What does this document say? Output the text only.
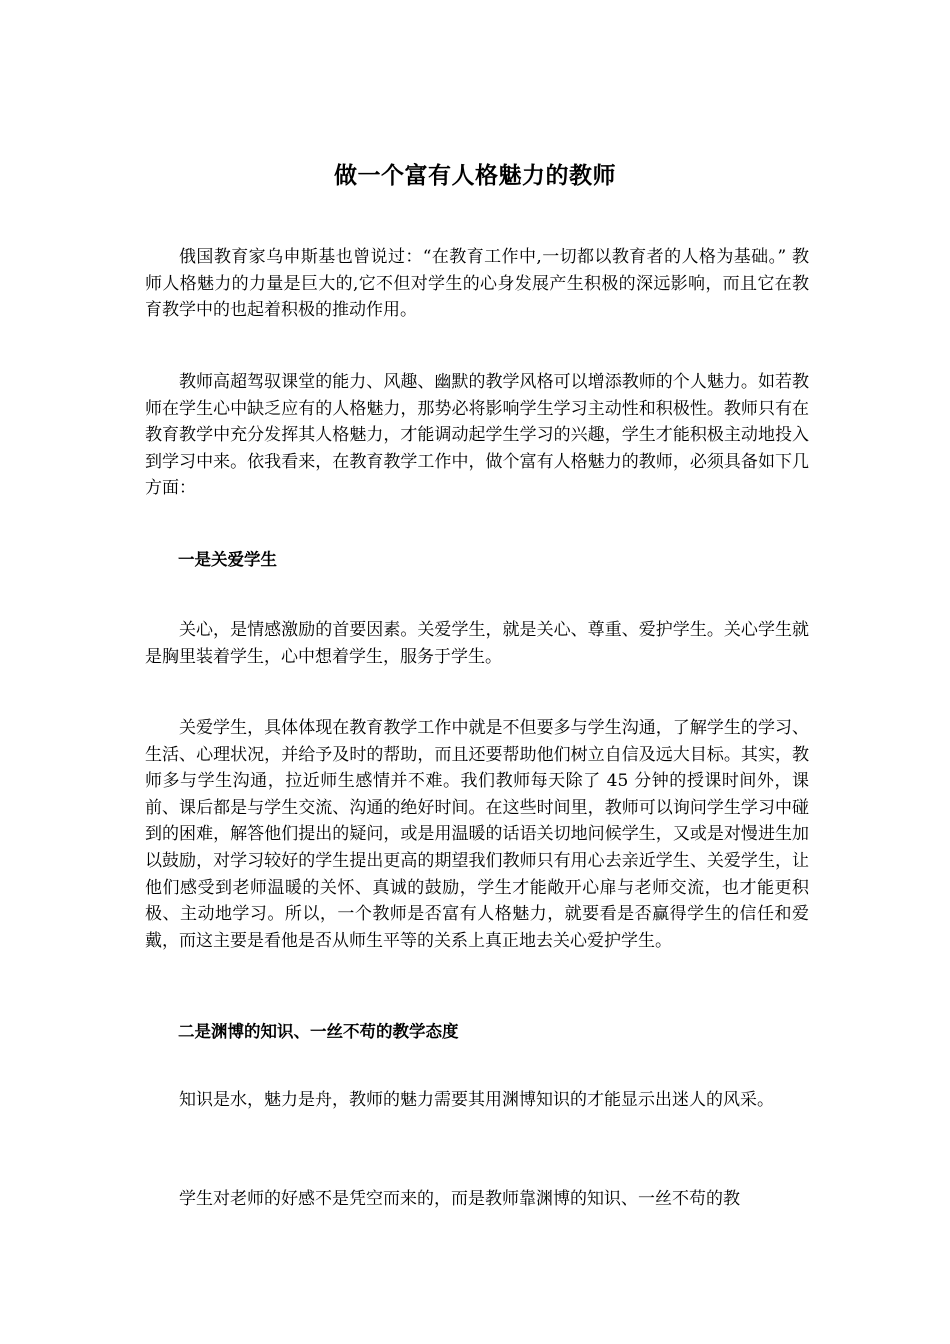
做一个富有人格魅力的教师

俄国教育家乌申斯基也曾说过：“在教育工作中,一切都以教育者的人格为基础。” 教师人格魅力的力量是巨大的,它不但对学生的心身发展产生积极的深远影响，而且它在教育教学中的也起着积极的推动作用。

教师高超驾驭课堂的能力、风趣、幽默的教学风格可以增添教师的个人魅力。如若教师在学生心中缺乏应有的人格魅力，那势必将影响学生学习主动性和积极性。教师只有在教育教学中充分发挥其人格魅力，才能调动起学生学习的兴趣，学生才能积极主动地投入到学习中来。依我看来，在教育教学工作中，做个富有人格魅力的教师，必须具备如下几方面：

一是关爱学生

关心，是情感激励的首要因素。关爱学生，就是关心、尊重、爱护学生。关心学生就是胸里装着学生，心中想着学生，服务于学生。

关爱学生，具体体现在教育教学工作中就是不但要多与学生沟通，了解学生的学习、生活、心理状况，并给予及时的帮助，而且还要帮助他们树立自信及远大目标。其实，教师多与学生沟通，拉近师生感情并不难。我们教师每天除了 45 分钟的授课时间外，课前、课后都是与学生交流、沟通的绝好时间。在这些时间里，教师可以询问学生学习中碰到的困难，解答他们提出的疑问，或是用温暖的话语关切地问候学生，又或是对慢进生加以鼓励，对学习较好的学生提出更高的期望我们教师只有用心去亲近学生、关爱学生，让他们感受到老师温暖的关怀、真诚的鼓励，学生才能敞开心扉与老师交流，也才能更积极、主动地学习。所以，一个教师是否富有人格魅力，就要看是否赢得学生的信任和爱戴，而这主要是看他是否从师生平等的关系上真正地去关心爱护学生。

二是渊博的知识、一丝不苟的教学态度

知识是水，魅力是舟，教师的魅力需要其用渊博知识的才能显示出迷人的风采。

学生对老师的好感不是凭空而来的，而是教师靠渊博的知识、一丝不苟的教
